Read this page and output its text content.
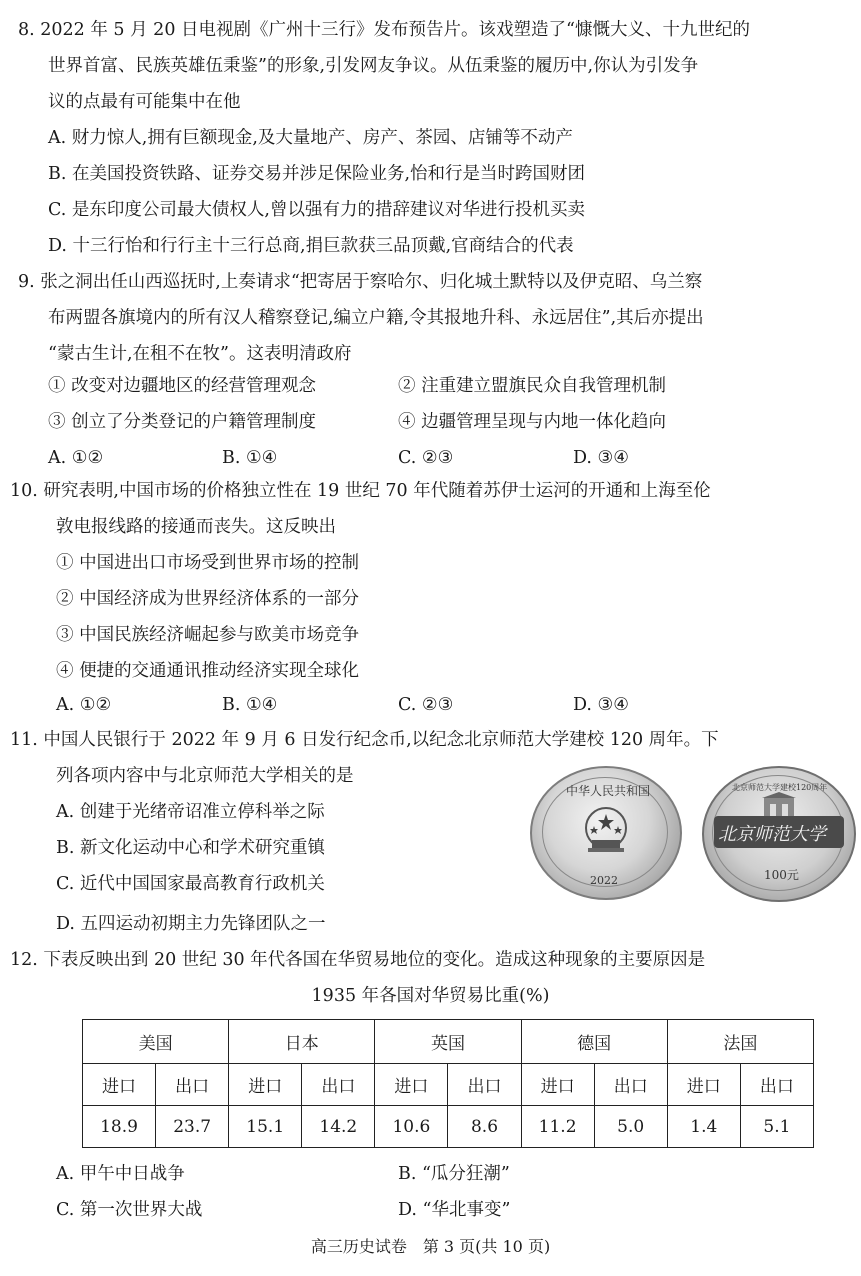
8. 2022 年 5 月 20 日电视剧《广州十三行》发布预告片。该戏塑造了“慷慨大义、十九世纪的
世界首富、民族英雄伍秉鉴”的形象,引发网友争议。从伍秉鉴的履历中,你认为引发争
议的点最有可能集中在他
A. 财力惊人,拥有巨额现金,及大量地产、房产、茶园、店铺等不动产
B. 在美国投资铁路、证券交易并涉足保险业务,怡和行是当时跨国财团
C. 是东印度公司最大债权人,曾以强有力的措辞建议对华进行投机买卖
D. 十三行怡和行行主十三行总商,捐巨款获三品顶戴,官商结合的代表
9. 张之洞出任山西巡抚时,上奏请求“把寄居于察哈尔、归化城土默特以及伊克昭、乌兰察
布两盟各旗境内的所有汉人稽察登记,编立户籍,令其报地升科、永远居住”,其后亦提出
“蒙古生计,在租不在牧”。这表明清政府
① 改变对边疆地区的经营管理观念	② 注重建立盟旗民众自我管理机制
③ 创立了分类登记的户籍管理制度	④ 边疆管理呈现与内地一体化趋向
A. ①②	B. ①④	C. ②③	D. ③④
10. 研究表明,中国市场的价格独立性在 19 世纪 70 年代随着苏伊士运河的开通和上海至伦
敦电报线路的接通而丧失。这反映出
① 中国进出口市场受到世界市场的控制
② 中国经济成为世界经济体系的一部分
③ 中国民族经济崛起参与欧美市场竞争
④ 便捷的交通通讯推动经济实现全球化
A. ①②	B. ①④	C. ②③	D. ③④
11. 中国人民银行于 2022 年 9 月 6 日发行纪念币,以纪念北京师范大学建校 120 周年。下
列各项内容中与北京师范大学相关的是
A. 创建于光绪帝诏准立停科举之际
B. 新文化运动中心和学术研究重镇
C. 近代中国国家最高教育行政机关
D. 五四运动初期主力先锋团队之一
中华人民共和国
2022
北京师范大学建校120周年
北京师范大学
100元
12. 下表反映出到 20 世纪 30 年代各国在华贸易地位的变化。造成这种现象的主要原因是
1935 年各国对华贸易比重(%)
美国		日本		英国		德国		法国	
进口	出口	进口	出口	进口	出口	进口	出口	进口	出口
18.9	23.7	15.1	14.2	10.6	8.6	11.2	5.0	1.4	5.1
A. 甲午中日战争	B. “瓜分狂潮”
C. 第一次世界大战	D. “华北事变”
高三历史试卷　第 3 页(共 10 页)
